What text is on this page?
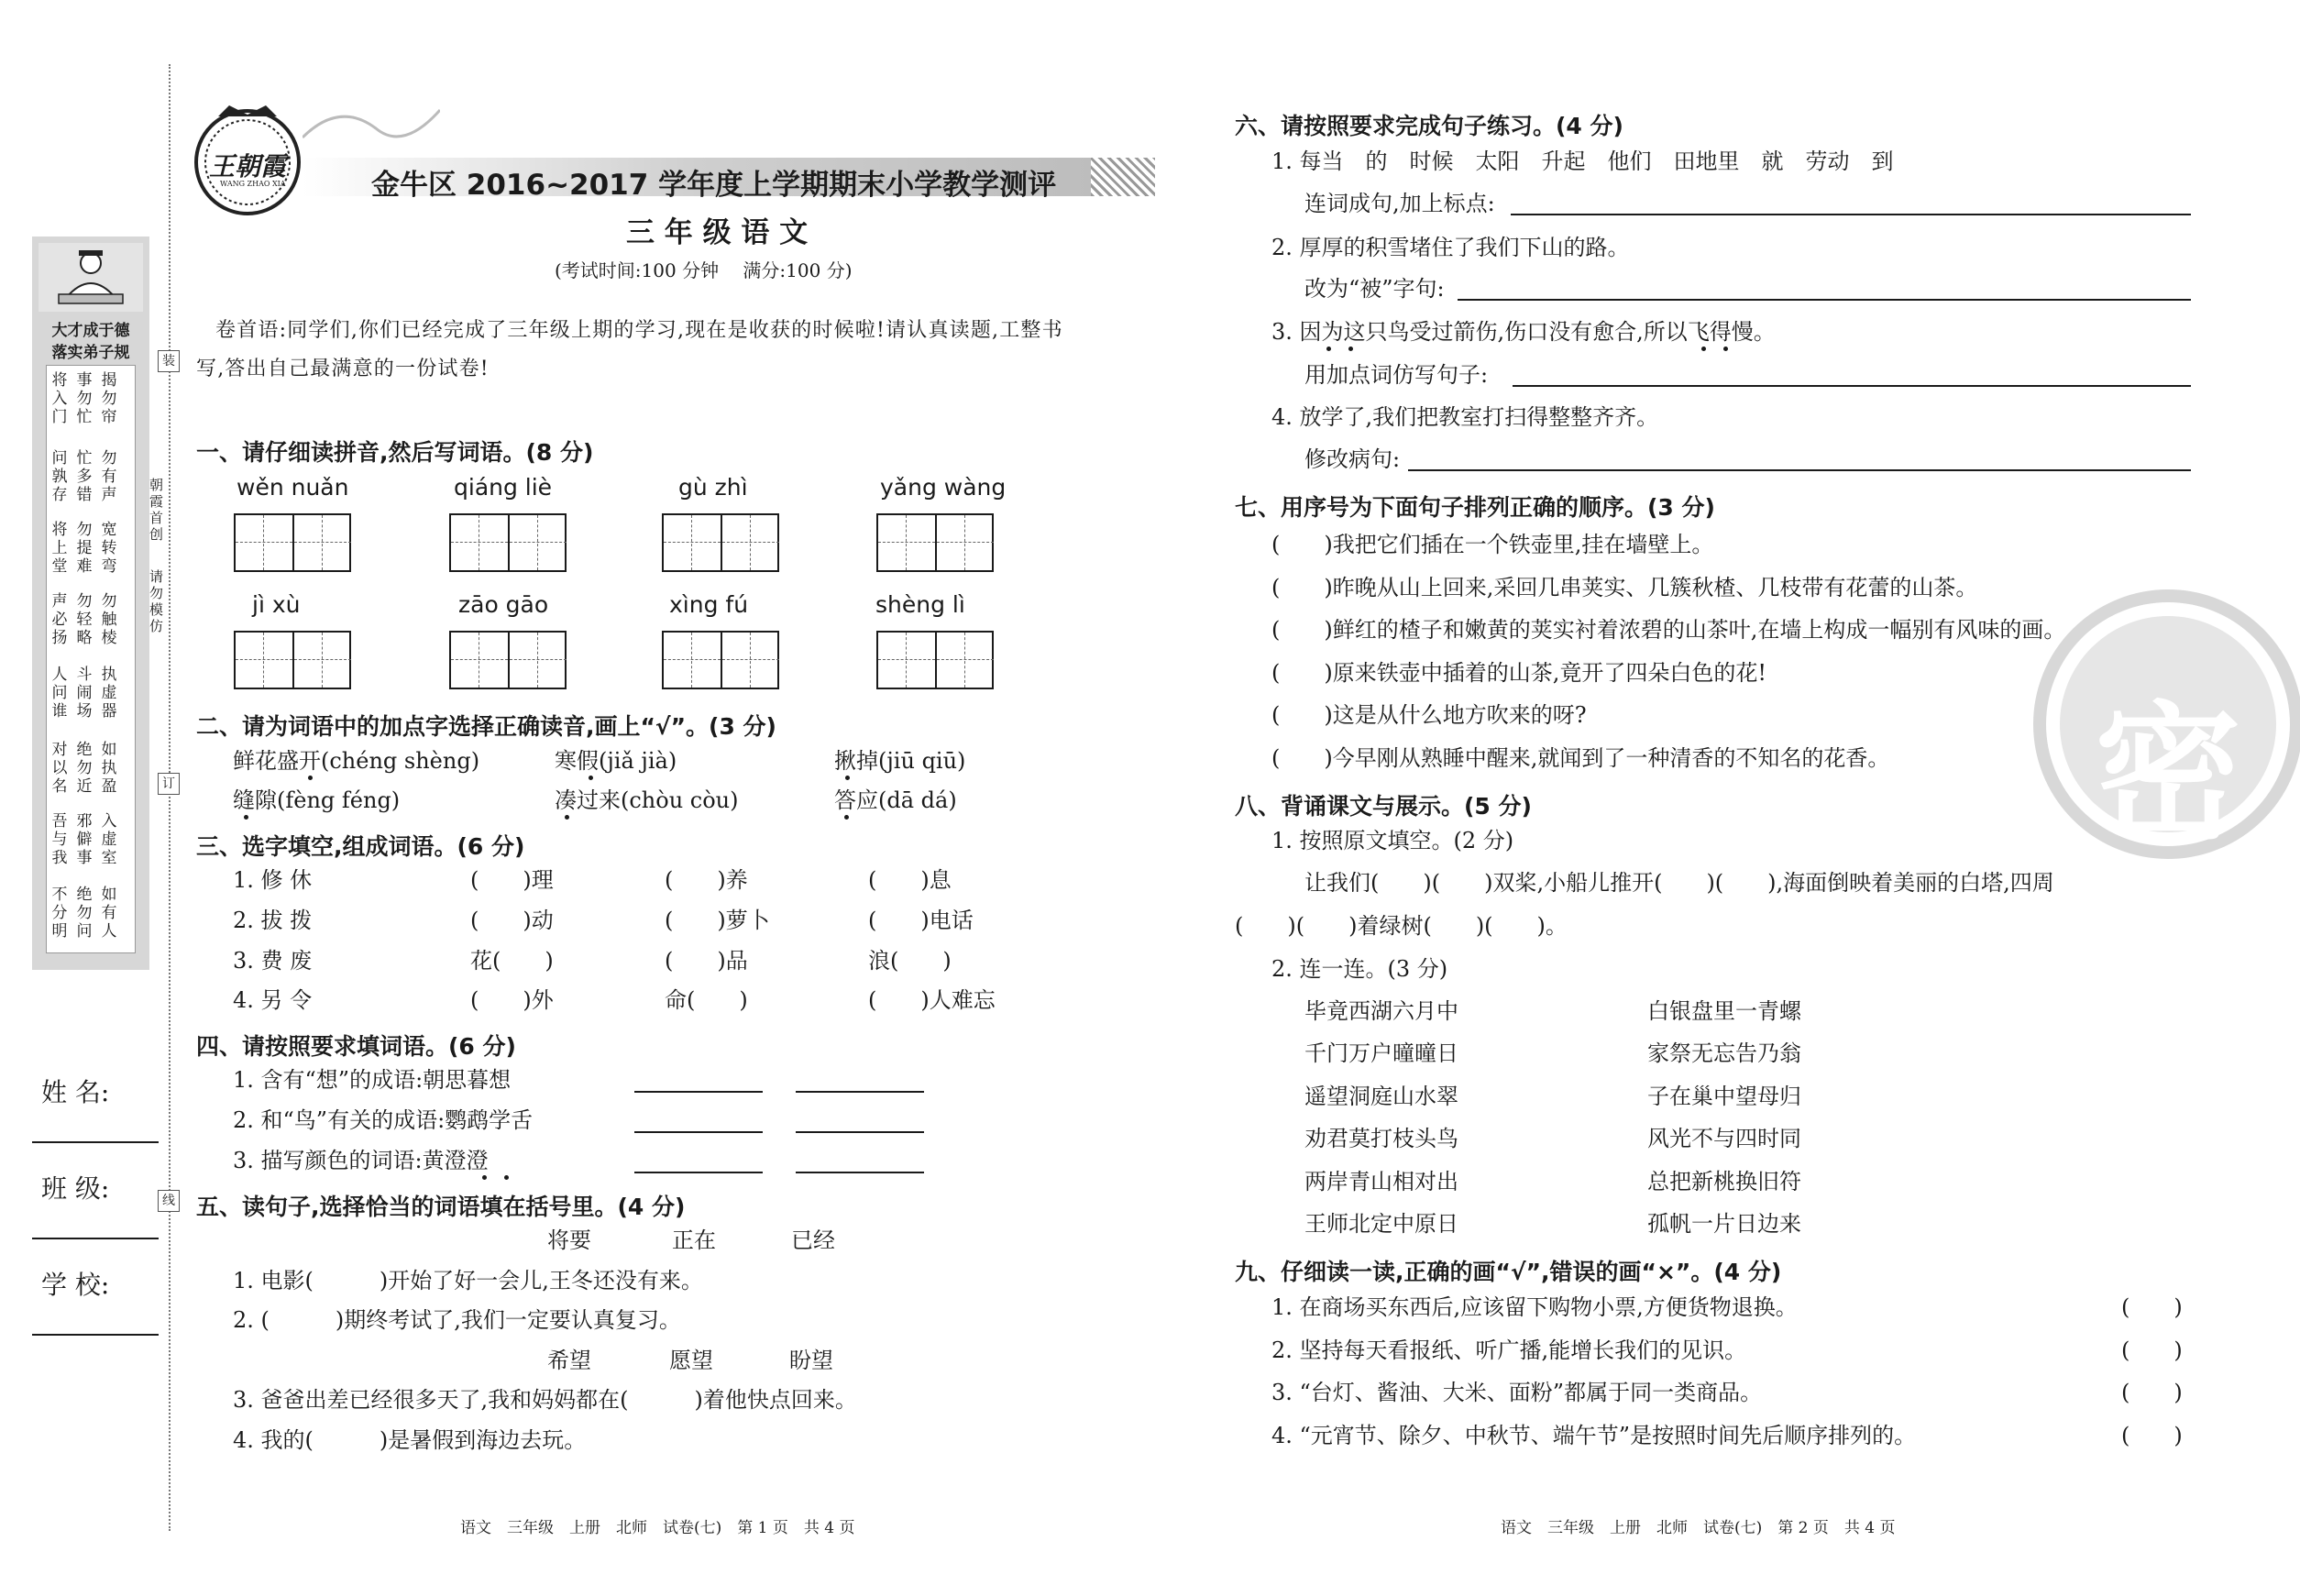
大才成于德
落实弟子规
将入门
事勿忙
揭勿帘
问孰存
忙多错
勿有声
将上堂
勿提难
宽转弯
声必扬
勿轻略
勿触棱
人问谁
斗闹场
执虚器
对以名
绝勿近
如执盈
吾与我
邪僻事
入虚室
不分明
绝勿问
如有人
朝霞首创
请勿模仿
装
订
线
姓 名:
班 级:
学 校:
王朝霞
WANG ZHAO XIA	金牛区 2016~2017 学年度上学期期末小学教学测评
三 年 级 语 文
(考试时间:100 分钟　 满分:100 分)
卷首语:同学们,你们已经完成了三年级上期的学习,现在是收获的时候啦!请认真读题,工整书
写,答出自己最满意的一份试卷!
一、请仔细读拼音,然后写词语。(8 分)
wěn nuǎn	qiáng liè	gù zhì	yǎng wàng
jì xù	zāo gāo	xìng fú	shèng lì
二、请为词语中的加点字选择正确读音,画上“√”。(3 分)
鲜花盛开(chéng shèng)	寒假(jiǎ jià)	揪掉(jiū qiū)
缝隙(fèng féng)	凑过来(chòu còu)	答应(dā dá)
三、选字填空,组成词语。(6 分)
1. 修 休	(　　)理	(　　)养	(　　)息
2. 拔 拨	(　　)动	(　　)萝卜	(　　)电话
3. 费 废	花(　　)	(　　)品	浪(　　)
4. 另 令	(　　)外	命(　　)	(　　)人难忘
四、请按照要求填词语。(6 分)
1. 含有“想”的成语:朝思暮想
2. 和“鸟”有关的成语:鹦鹉学舌
3. 描写颜色的词语:黄澄澄
五、读句子,选择恰当的词语填在括号里。(4 分)
将要	正在	已经
1. 电影(　　　)开始了好一会儿,王冬还没有来。
2. (　　　)期终考试了,我们一定要认真复习。
希望	愿望	盼望
3. 爸爸出差已经很多天了,我和妈妈都在(　　　)着他快点回来。
4. 我的(　　　)是暑假到海边去玩。
语文　三年级　上册　北师　试卷(七)　第 1 页　共 4 页
密
六、请按照要求完成句子练习。(4 分)
1. 每当　的　时候　太阳　升起　他们　田地里　就　劳动　到
连词成句,加上标点:
2. 厚厚的积雪堵住了我们下山的路。
改为“被”字句:
3. 因为这只鸟受过箭伤,伤口没有愈合,所以飞得慢。
用加点词仿写句子:
4. 放学了,我们把教室打扫得整整齐齐。
修改病句:
七、用序号为下面句子排列正确的顺序。(3 分)
(　　)我把它们插在一个铁壶里,挂在墙壁上。
(　　)昨晚从山上回来,采回几串荚实、几簇秋楂、几枝带有花蕾的山茶。
(　　)鲜红的楂子和嫩黄的荚实衬着浓碧的山茶叶,在墙上构成一幅别有风味的画。
(　　)原来铁壶中插着的山茶,竟开了四朵白色的花!
(　　)这是从什么地方吹来的呀?
(　　)今早刚从熟睡中醒来,就闻到了一种清香的不知名的花香。
八、背诵课文与展示。(5 分)
1. 按照原文填空。(2 分)
让我们(　　)(　　)双桨,小船儿推开(　　)(　　),海面倒映着美丽的白塔,四周
(　　)(　　)着绿树(　　)(　　)。
2. 连一连。(3 分)
毕竟西湖六月中
千门万户曈曈日
遥望洞庭山水翠
劝君莫打枝头鸟
两岸青山相对出
王师北定中原日
白银盘里一青螺
家祭无忘告乃翁
子在巢中望母归
风光不与四时同
总把新桃换旧符
孤帆一片日边来
九、仔细读一读,正确的画“√”,错误的画“×”。(4 分)
1. 在商场买东西后,应该留下购物小票,方便货物退换。	(　　)
2. 坚持每天看报纸、听广播,能增长我们的见识。	(　　)
3. “台灯、酱油、大米、面粉”都属于同一类商品。	(　　)
4. “元宵节、除夕、中秋节、端午节”是按照时间先后顺序排列的。	(　　)
语文　三年级　上册　北师　试卷(七)　第 2 页　共 4 页
